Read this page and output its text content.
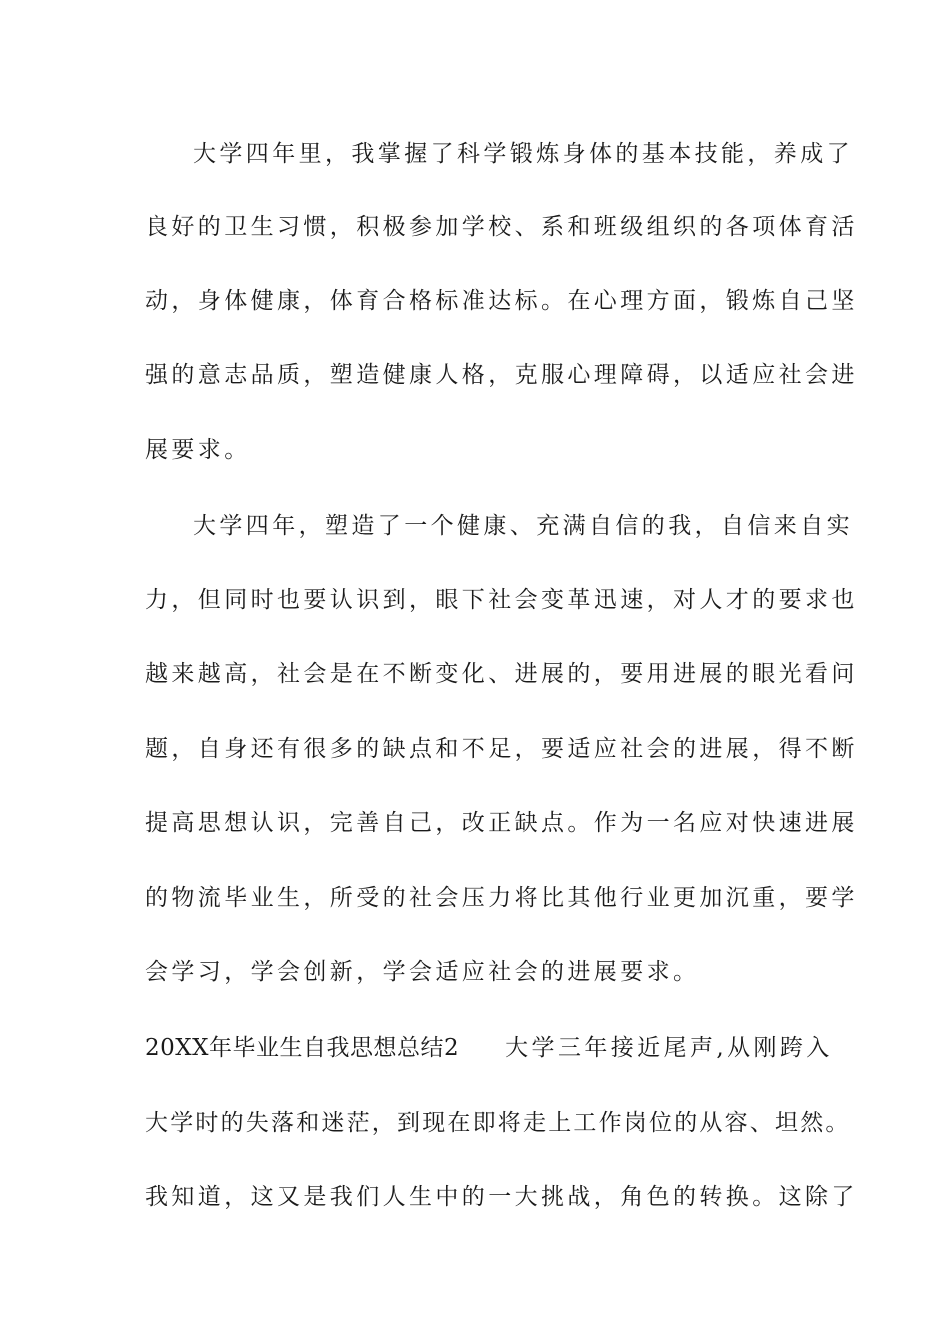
大学四年里，我掌握了科学锻炼身体的基本技能，养成了
良好的卫生习惯，积极参加学校、系和班级组织的各项体育活
动，身体健康，体育合格标准达标。在心理方面，锻炼自己坚
强的意志品质，塑造健康人格，克服心理障碍，以适应社会进
展要求。
大学四年，塑造了一个健康、充满自信的我，自信来自实
力，但同时也要认识到，眼下社会变革迅速，对人才的要求也
越来越高，社会是在不断变化、进展的，要用进展的眼光看问
题，自身还有很多的缺点和不足，要适应社会的进展，得不断
提高思想认识，完善自己，改正缺点。作为一名应对快速进展
的物流毕业生，所受的社会压力将比其他行业更加沉重，要学
会学习，学会创新，学会适应社会的进展要求。
20XX年毕业生自我思想总结2 大学三年接近尾声,从刚跨入
大学时的失落和迷茫，到现在即将走上工作岗位的从容、坦然。
我知道，这又是我们人生中的一大挑战，角色的转换。这除了
